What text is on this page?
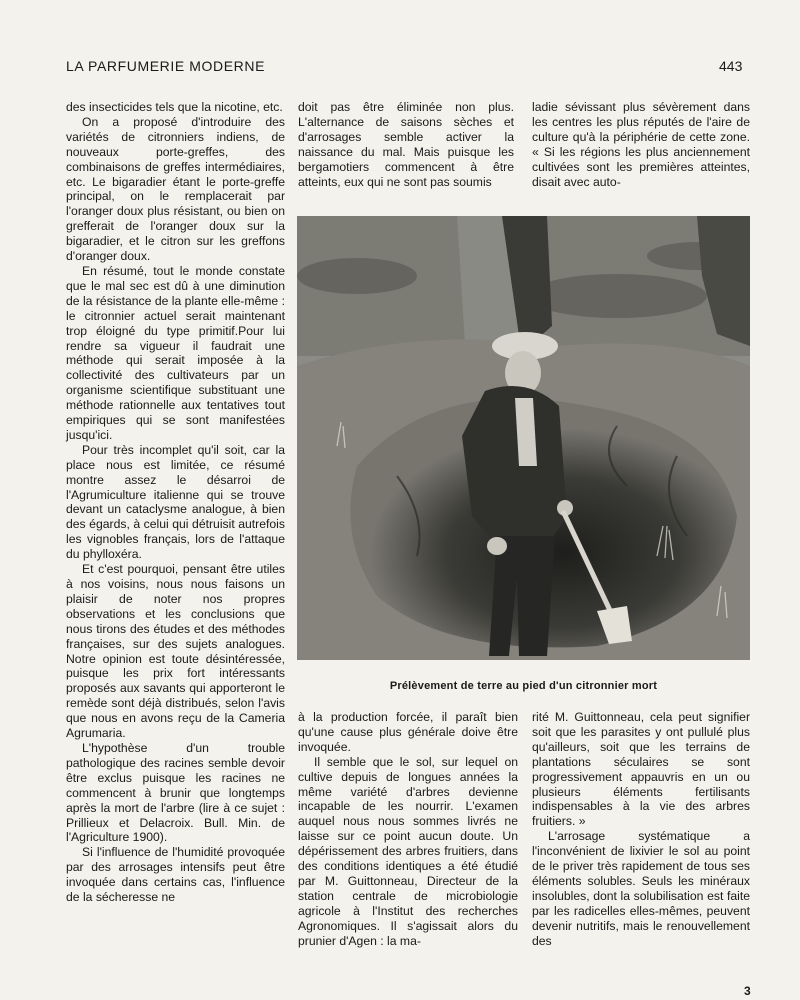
LA PARFUMERIE MODERNE	443

des insecticides tels que la nicotine, etc.

On a proposé d'introduire des variétés de citronniers indiens, de nouveaux porte-greffes, des combinaisons de greffes intermédiaires, etc. Le bigaradier étant le porte-greffe principal, on le remplacerait par l'oranger doux plus résistant, ou bien on grefferait de l'oranger doux sur la bigaradier, et le citron sur les greffons d'oranger doux.

En résumé, tout le monde constate que le mal sec est dû à une diminution de la résistance de la plante elle-même : le citronnier actuel serait maintenant trop éloigné du type primitif.Pour lui rendre sa vigueur il faudrait une méthode qui serait imposée à la collectivité des cultivateurs par un organisme scientifique substituant une méthode rationnelle aux tentatives tout empiriques qui se sont manifestées jusqu'ici.

Pour très incomplet qu'il soit, car la place nous est limitée, ce résumé montre assez le désarroi de l'Agrumiculture italienne qui se trouve devant un cataclysme analogue, à bien des égards, à celui qui détruisit autrefois les vignobles français, lors de l'attaque du phylloxéra.

Et c'est pourquoi, pensant être utiles à nos voisins, nous nous faisons un plaisir de noter nos propres observations et les conclusions que nous tirons des études et des méthodes françaises, sur des sujets analogues. Notre opinion est toute désintéressée, puisque les prix fort intéressants proposés aux savants qui apporteront le remède sont déjà distribués, selon l'avis que nous en avons reçu de la Cameria Agrumaria.

L'hypothèse d'un trouble pathologique des racines semble devoir être exclus puisque les racines ne commencent à brunir que longtemps après la mort de l'arbre (lire à ce sujet : Prillieux et Delacroix. Bull. Min. de l'Agriculture 1900).

Si l'influence de l'humidité provoquée par des arrosages intensifs peut être invoquée dans certains cas, l'influence de la sécheresse ne

doit pas être éliminée non plus. L'alternance de saisons sèches et d'arrosages semble activer la naissance du mal. Mais puisque les bergamotiers commencent à être atteints, eux qui ne sont pas soumis

ladie sévissant plus sévèrement dans les centres les plus réputés de l'aire de culture qu'à la périphérie de cette zone. « Si les régions les plus anciennement cultivées sont les premières atteintes, disait avec auto-

Prélèvement de terre au pied d'un citronnier mort

à la production forcée, il paraît bien qu'une cause plus générale doive être invoquée.

Il semble que le sol, sur lequel on cultive depuis de longues années la même variété d'arbres devienne incapable de les nourrir. L'examen auquel nous nous sommes livrés ne laisse sur ce point aucun doute. Un dépérissement des arbres fruitiers, dans des conditions identiques a été étudié par M. Guittonneau, Directeur de la station centrale de microbiologie agricole à l'Institut des recherches Agronomiques. Il s'agissait alors du prunier d'Agen : la ma-

rité M. Guittonneau, cela peut signifier soit que les parasites y ont pullulé plus qu'ailleurs, soit que les terrains de plantations séculaires se sont progressivement appauvris en un ou plusieurs éléments fertilisants indispensables à la vie des arbres fruitiers. »

L'arrosage systématique a l'inconvénient de lixivier le sol au point de le priver très rapidement de tous ses éléments solubles. Seuls les minéraux insolubles, dont la solubilisation est faite par les radicelles elles-mêmes, peuvent devenir nutritifs, mais le renouvellement des

3
